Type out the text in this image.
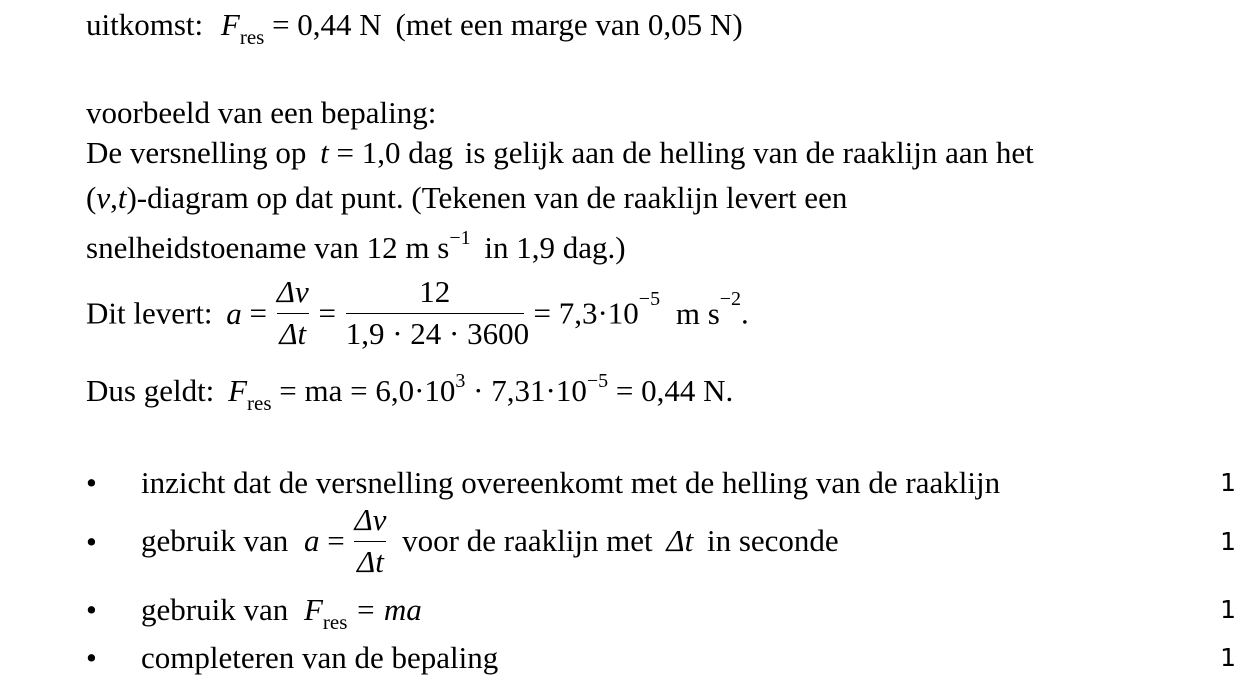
uitkomst: $F_{res} = 0,44$ N (met een marge van 0,05 N)
voorbeeld van een bepaling:
De versnelling op t = 1,0 dag is gelijk aan de helling van de raaklijn aan het
(v,t)-diagram op dat punt. (Tekenen van de raaklijn levert een
snelheidstoename van 12 m $s^{-1}$ in 1,9 dag.)
Dit levert: $a = \frac{\Delta v}{\Delta t} = \frac{12}{1,9 \cdot 24 \cdot 3600} = 7,3\cdot 10^{-5}$ m $s^{-2}$.
Dus geldt: $F_{res}$ = ma = $6,0\cdot 10^3 \cdot 7,31\cdot 10^{-5} = 0,44$ N.
• inzicht dat de versnelling overeenkomt met de helling van de raaklijn	1
• gebruik van $a = \frac{\Delta v}{\Delta t}$ voor de raaklijn met Δt in seconde	1
• gebruik van $F_{res}$ = ma	1
• completeren van de bepaling	1
